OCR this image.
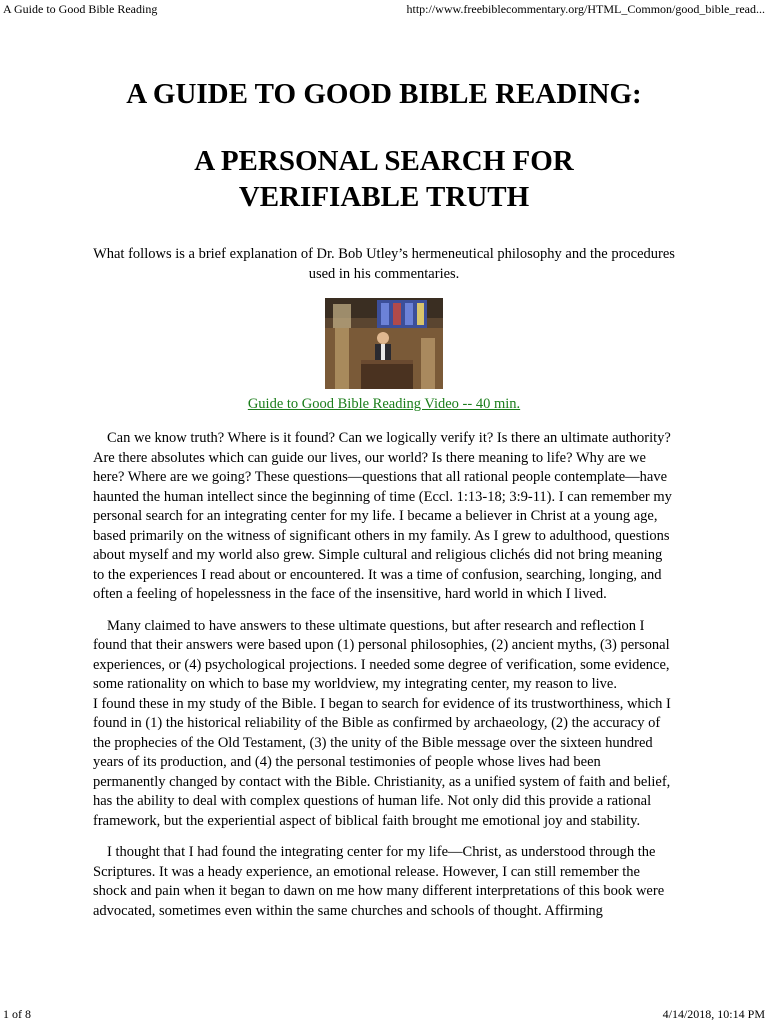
A Guide to Good Bible Reading	http://www.freebiblecommentary.org/HTML_Common/good_bible_read...
A GUIDE TO GOOD BIBLE READING:
A PERSONAL SEARCH FOR VERIFIABLE TRUTH

What follows is a brief explanation of Dr. Bob Utley’s hermeneutical philosophy and the procedures used in his commentaries.

Guide to Good Bible Reading Video -- 40 min.

Can we know truth? Where is it found? Can we logically verify it? Is there an ultimate authority? Are there absolutes which can guide our lives, our world? Is there meaning to life? Why are we here? Where are we going? These questions—questions that all rational people contemplate—have haunted the human intellect since the beginning of time (Eccl. 1:13-18; 3:9-11). I can remember my personal search for an integrating center for my life. I became a believer in Christ at a young age, based primarily on the witness of significant others in my family. As I grew to adulthood, questions about myself and my world also grew. Simple cultural and religious clichés did not bring meaning to the experiences I read about or encountered. It was a time of confusion, searching, longing, and often a feeling of hopelessness in the face of the insensitive, hard world in which I lived.

Many claimed to have answers to these ultimate questions, but after research and reflection I found that their answers were based upon (1) personal philosophies, (2) ancient myths, (3) personal experiences, or (4) psychological projections. I needed some degree of verification, some evidence, some rationality on which to base my worldview, my integrating center, my reason to live.

I found these in my study of the Bible. I began to search for evidence of its trustworthiness, which I found in (1) the historical reliability of the Bible as confirmed by archaeology, (2) the accuracy of the prophecies of the Old Testament, (3) the unity of the Bible message over the sixteen hundred years of its production, and (4) the personal testimonies of people whose lives had been permanently changed by contact with the Bible. Christianity, as a unified system of faith and belief, has the ability to deal with complex questions of human life. Not only did this provide a rational framework, but the experiential aspect of biblical faith brought me emotional joy and stability.

I thought that I had found the integrating center for my life—Christ, as understood through the Scriptures. It was a heady experience, an emotional release. However, I can still remember the shock and pain when it began to dawn on me how many different interpretations of this book were advocated, sometimes even within the same churches and schools of thought. Affirming

1 of 8	4/14/2018, 10:14 PM
